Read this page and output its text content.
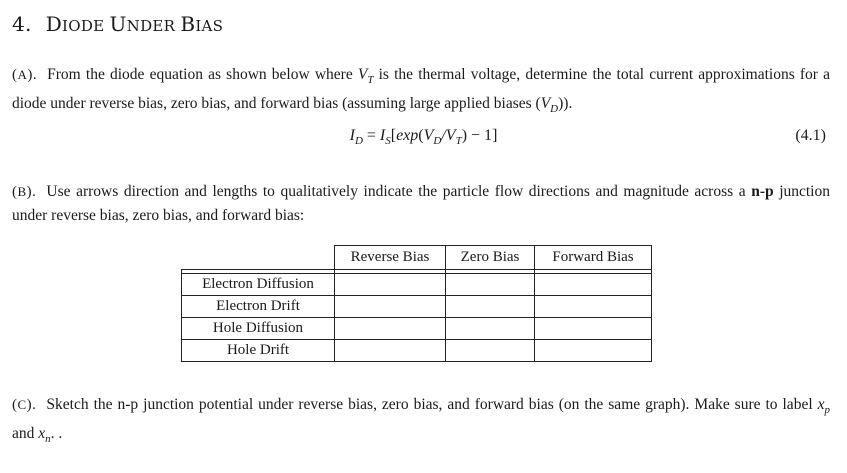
4. DIODE UNDER BIAS
(A). From the diode equation as shown below where $V_T$ is the thermal voltage, determine the total current approximations for a diode under reverse bias, zero bias, and forward bias (assuming large applied biases $(V_D)$).
$I_D = I_S[\exp(V_D/V_T) - 1]$	(4.1)
(B). Use arrows direction and lengths to qualitatively indicate the particle flow directions and magnitude across a n-p junction under reverse bias, zero bias, and forward bias:
	Reverse Bias	Zero Bias	Forward Bias

Electron Diffusion			
Electron Drift			
Hole Diffusion			
Hole Drift			
(C). Sketch the n-p junction potential under reverse bias, zero bias, and forward bias (on the same graph). Make sure to label $x_p$ and $x_n$. .
